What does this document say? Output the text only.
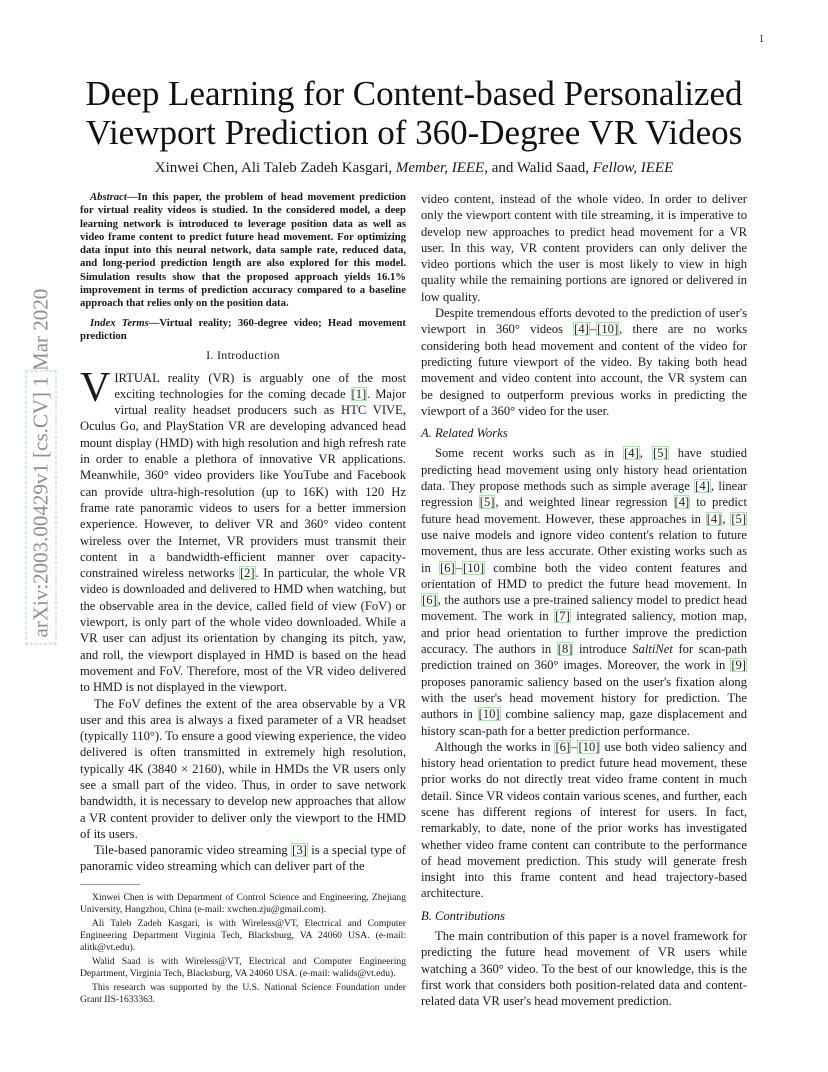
1
arXiv:2003.00429v1 [cs.CV] 1 Mar 2020
Deep Learning for Content-based Personalized Viewport Prediction of 360-Degree VR Videos
Xinwei Chen, Ali Taleb Zadeh Kasgari, Member, IEEE, and Walid Saad, Fellow, IEEE

Abstract—In this paper, the problem of head movement prediction for virtual reality videos is studied. In the considered model, a deep learning network is introduced to leverage position data as well as video frame content to predict future head movement. For optimizing data input into this neural network, data sample rate, reduced data, and long-period prediction length are also explored for this model. Simulation results show that the proposed approach yields 16.1% improvement in terms of prediction accuracy compared to a baseline approach that relies only on the position data.

Index Terms—Virtual reality; 360-degree video; Head movement prediction

I. Introduction

VIRTUAL reality (VR) is arguably one of the most exciting technologies for the coming decade [1]. Major virtual reality headset producers such as HTC VIVE, Oculus Go, and PlayStation VR are developing advanced head mount display (HMD) with high resolution and high refresh rate in order to enable a plethora of innovative VR applications. Meanwhile, 360° video providers like YouTube and Facebook can provide ultra-high-resolution (up to 16K) with 120 Hz frame rate panoramic videos to users for a better immersion experience. However, to deliver VR and 360° video content wireless over the Internet, VR providers must transmit their content in a bandwidth-efficient manner over capacity-constrained wireless networks [2]. In particular, the whole VR video is downloaded and delivered to HMD when watching, but the observable area in the device, called field of view (FoV) or viewport, is only part of the whole video downloaded. While a VR user can adjust its orientation by changing its pitch, yaw, and roll, the viewport displayed in HMD is based on the head movement and FoV. Therefore, most of the VR video delivered to HMD is not displayed in the viewport.

The FoV defines the extent of the area observable by a VR user and this area is always a fixed parameter of a VR headset (typically 110°). To ensure a good viewing experience, the video delivered is often transmitted in extremely high resolution, typically 4K (3840 × 2160), while in HMDs the VR users only see a small part of the video. Thus, in order to save network bandwidth, it is necessary to develop new approaches that allow a VR content provider to deliver only the viewport to the HMD of its users.

Tile-based panoramic video streaming [3] is a special type of panoramic video streaming which can deliver part of the

Xinwei Chen is with Department of Control Science and Engineering, Zhejiang University, Hangzhou, China (e-mail: xwchen.zju@gmail.com).

Ali Taleb Zadeh Kasgari, is with Wireless@VT, Electrical and Computer Engineering Department Virginia Tech, Blacksburg, VA 24060 USA. (e-mail: alitk@vt.edu).

Walid Saad is with Wireless@VT, Electrical and Computer Engineering Department, Virginia Tech, Blacksburg, VA 24060 USA. (e-mail: walids@vt.edu).

This research was supported by the U.S. National Science Foundation under Grant IIS-1633363.

video content, instead of the whole video. In order to deliver only the viewport content with tile streaming, it is imperative to develop new approaches to predict head movement for a VR user. In this way, VR content providers can only deliver the video portions which the user is most likely to view in high quality while the remaining portions are ignored or delivered in low quality.

Despite tremendous efforts devoted to the prediction of user's viewport in 360° videos [4]–[10], there are no works considering both head movement and content of the video for predicting future viewport of the video. By taking both head movement and video content into account, the VR system can be designed to outperform previous works in predicting the viewport of a 360° video for the user.

A. Related Works

Some recent works such as in [4], [5] have studied predicting head movement using only history head orientation data. They propose methods such as simple average [4], linear regression [5], and weighted linear regression [4] to predict future head movement. However, these approaches in [4], [5] use naive models and ignore video content's relation to future movement, thus are less accurate. Other existing works such as in [6]–[10] combine both the video content features and orientation of HMD to predict the future head movement. In [6], the authors use a pre-trained saliency model to predict head movement. The work in [7] integrated saliency, motion map, and prior head orientation to further improve the prediction accuracy. The authors in [8] introduce SaltiNet for scan-path prediction trained on 360° images. Moreover, the work in [9] proposes panoramic saliency based on the user's fixation along with the user's head movement history for prediction. The authors in [10] combine saliency map, gaze displacement and history scan-path for a better prediction performance.

Although the works in [6]–[10] use both video saliency and history head orientation to predict future head movement, these prior works do not directly treat video frame content in much detail. Since VR videos contain various scenes, and further, each scene has different regions of interest for users. In fact, remarkably, to date, none of the prior works has investigated whether video frame content can contribute to the performance of head movement prediction. This study will generate fresh insight into this frame content and head trajectory-based architecture.

B. Contributions

The main contribution of this paper is a novel framework for predicting the future head movement of VR users while watching a 360° video. To the best of our knowledge, this is the first work that considers both position-related data and content-related data VR user's head movement prediction.
